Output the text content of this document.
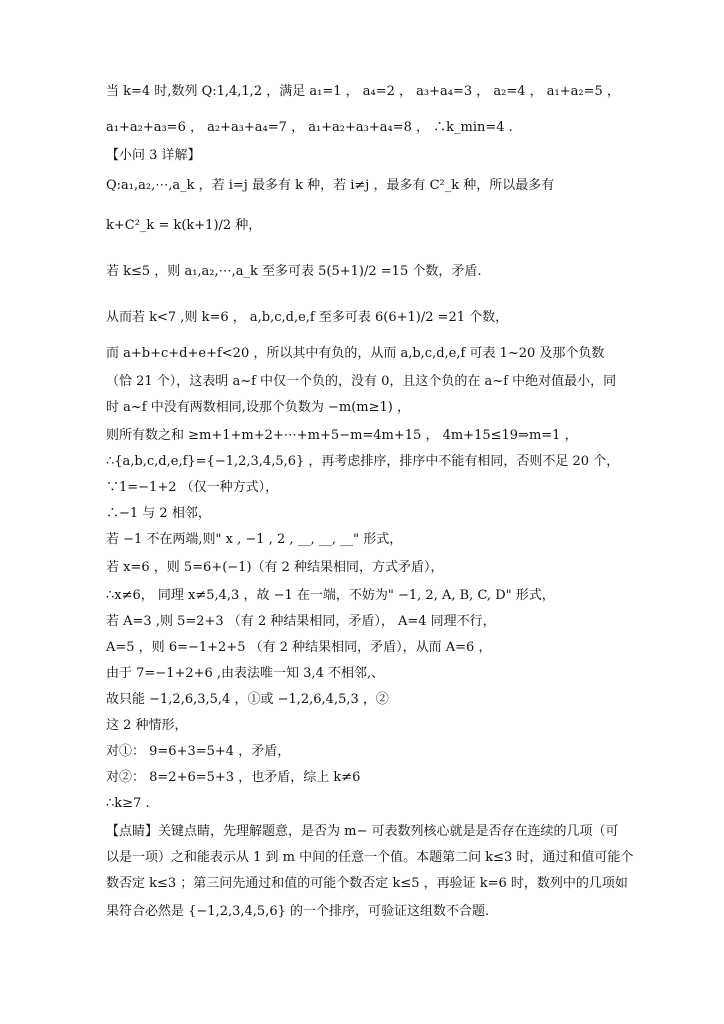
当 k=4 时,数列 Q:1,4,1,2 ，满足 a₁=1 ， a₄=2 ， a₃+a₄=3 ， a₂=4 ， a₁+a₂=5 ，
a₁+a₂+a₃=6 ， a₂+a₃+a₄=7 ， a₁+a₂+a₃+a₄=8 ， ∴k_min=4 .
【小问 3 详解】
Q:a₁,a₂,⋯,a_k ，若 i=j 最多有 k 种，若 i≠j ，最多有 C²_k 种，所以最多有
k+C²_k = k(k+1)/2 种，
若 k≤5 ，则 a₁,a₂,⋯,a_k 至多可表 5(5+1)/2 =15 个数，矛盾.
从而若 k<7 ,则 k=6 ， a,b,c,d,e,f 至多可表 6(6+1)/2 =21 个数，
而 a+b+c+d+e+f<20 ，所以其中有负的，从而 a,b,c,d,e,f 可表 1~20 及那个负数
（恰 21 个），这表明 a~f 中仅一个负的，没有 0，且这个负的在 a~f 中绝对值最小，同
时 a~f 中没有两数相同,设那个负数为 −m(m≥1) ，
则所有数之和 ≥m+1+m+2+⋯+m+5−m=4m+15 ， 4m+15≤19⇒m=1 ，
∴{a,b,c,d,e,f}={−1,2,3,4,5,6} ，再考虑排序，排序中不能有相同，否则不足 20 个，
∵1=−1+2 （仅一种方式），
∴−1 与 2 相邻，
若 −1 不在两端,则" x , −1 , 2 , __, __, __" 形式，
若 x=6 ，则 5=6+(−1)（有 2 种结果相同，方式矛盾），
∴x≠6， 同理 x≠5,4,3 ，故 −1 在一端，不妨为" −1, 2, A, B, C, D" 形式，
若 A=3 ,则 5=2+3 （有 2 种结果相同，矛盾）， A=4 同理不行，
A=5 ，则 6=−1+2+5 （有 2 种结果相同，矛盾），从而 A=6 ，
由于 7=−1+2+6 ,由表法唯一知 3,4 不相邻,、
故只能 −1,2,6,3,5,4 ，①或 −1,2,6,4,5,3 ，②
这 2 种情形，
对①： 9=6+3=5+4 ，矛盾，
对②： 8=2+6=5+3 ，也矛盾，综上 k≠6
∴k≥7 .
【点睛】关键点睛，先理解题意，是否为 m− 可表数列核心就是是否存在连续的几项（可
以是一项）之和能表示从 1 到 m 中间的任意一个值。本题第二问 k≤3 时，通过和值可能个
数否定 k≤3 ；第三问先通过和值的可能个数否定 k≤5 ，再验证 k=6 时，数列中的几项如
果符合必然是 {−1,2,3,4,5,6} 的一个排序，可验证这组数不合题.
